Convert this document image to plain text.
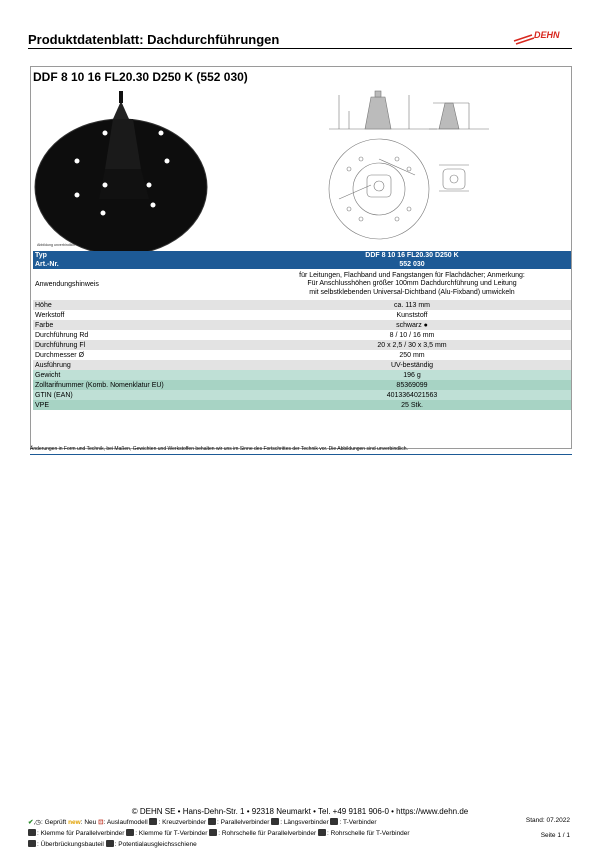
Produktdatenblatt: Dachdurchführungen	DEHN
DDF 8 10 16 FL20.30 D250 K (552 030)
Abbildung unverbindlich
Typ	DDF 8 10 16 FL20.30 D250 K
Art.-Nr.	552 030
Anwendungshinweis	für Leitungen, Flachband und Fangstangen für Flachdächer; Anmerkung:
Für Anschlusshöhen größer 100mm Dachdurchführung und Leitung
mit selbstklebenden Universal-Dichtband (Alu-Fixband) umwickeln

Höhe	ca. 113 mm
Werkstoff	Kunststoff
Farbe	schwarz ●
Durchführung Rd	8 / 10 / 16 mm
Durchführung Fl	20 x 2,5 / 30 x 3,5 mm
Durchmesser Ø	250 mm
Ausführung	UV-beständig
Gewicht	196 g
Zolltarifnummer (Komb. Nomenklatur EU)	85369099
GTIN (EAN)	4013364021563
VPE	25 Stk.
Änderungen in Form und Technik, bei Maßen, Gewichten und Werkstoffen behalten wir uns im Sinne des Fortschrittes der Technik vor. Die Abbildungen sind unverbindlich.
© DEHN SE • Hans-Dehn-Str. 1 • 92318 Neumarkt • Tel. +49 9181 906-0 • https://www.dehn.de
✔,◷: Geprüft new: Neu ⊡: Auslaufmodell : Kreuzverbinder : Parallelverbinder : Längsverbinder : T-Verbinder
: Klemme für Parallelverbinder : Klemme für T-Verbinder : Rohrschelle für Parallelverbinder : Rohrschelle für T-Verbinder
: Überbrückungsbauteil : Potentialausgleichsschiene
Stand: 07.2022
Seite 1 / 1
